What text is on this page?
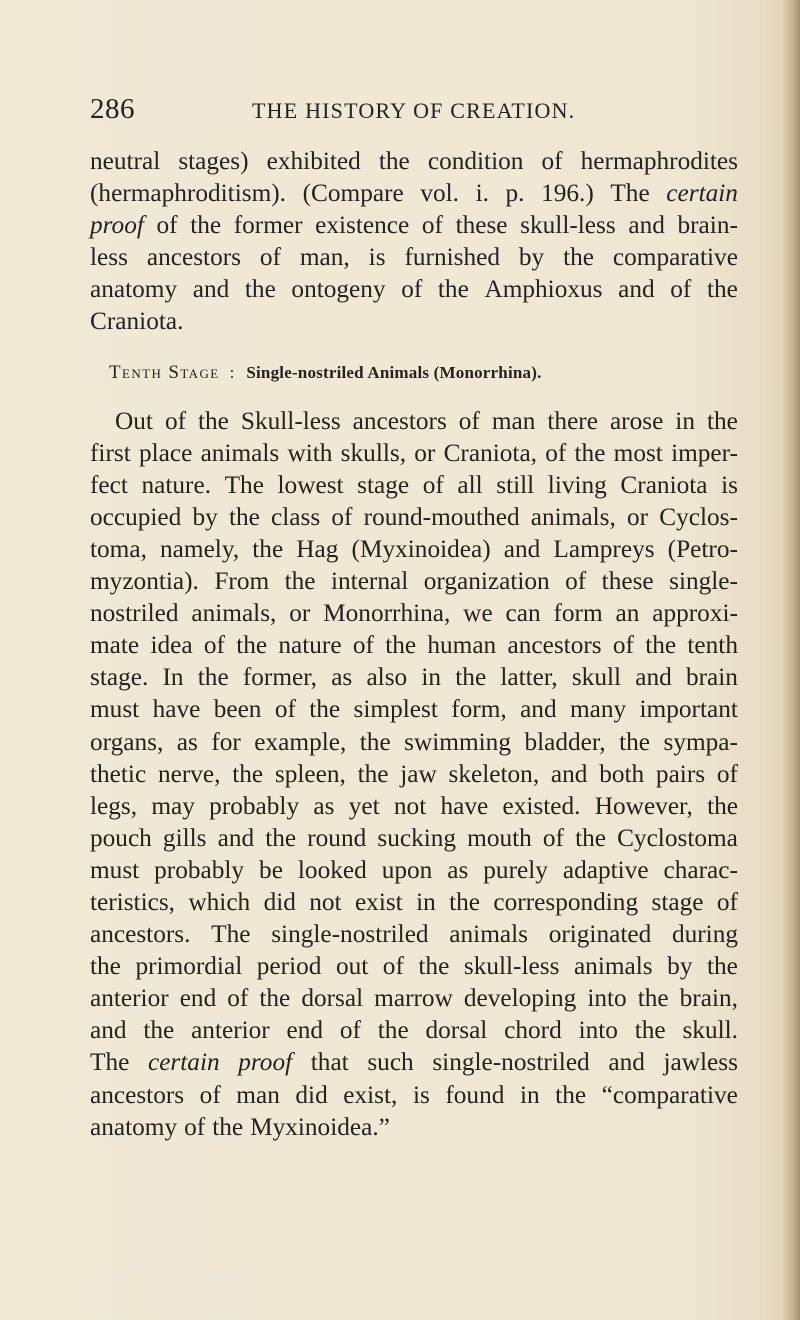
286	THE HISTORY OF CREATION.
neutral stages) exhibited the condition of hermaphrodites
(hermaphroditism). (Compare vol. i. p. 196.) The certain
proof of the former existence of these skull-less and brain-
less ancestors of man, is furnished by the comparative
anatomy and the ontogeny of the Amphioxus and of the
Craniota.
Tenth Stage : Single-nostriled Animals (Monorrhina).
Out of the Skull-less ancestors of man there arose in the
first place animals with skulls, or Craniota, of the most imper-
fect nature. The lowest stage of all still living Craniota is
occupied by the class of round-mouthed animals, or Cyclos-
toma, namely, the Hag (Myxinoidea) and Lampreys (Petro-
myzontia). From the internal organization of these single-
nostriled animals, or Monorrhina, we can form an approxi-
mate idea of the nature of the human ancestors of the tenth
stage. In the former, as also in the latter, skull and brain
must have been of the simplest form, and many important
organs, as for example, the swimming bladder, the sympa-
thetic nerve, the spleen, the jaw skeleton, and both pairs of
legs, may probably as yet not have existed. However, the
pouch gills and the round sucking mouth of the Cyclostoma
must probably be looked upon as purely adaptive charac-
teristics, which did not exist in the corresponding stage of
ancestors. The single-nostriled animals originated during
the primordial period out of the skull-less animals by the
anterior end of the dorsal marrow developing into the brain,
and the anterior end of the dorsal chord into the skull.
The certain proof that such single-nostriled and jawless
ancestors of man did exist, is found in the “comparative
anatomy of the Myxinoidea.”
